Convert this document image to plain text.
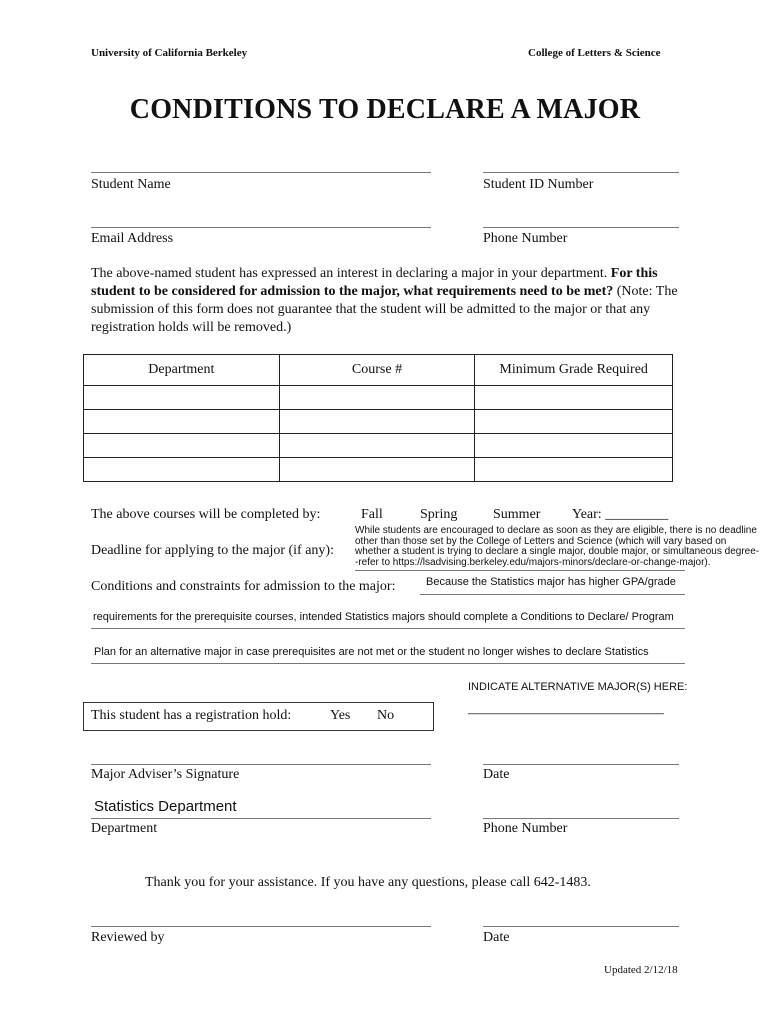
University of California Berkeley	College of Letters & Science
CONDITIONS TO DECLARE A MAJOR
Student Name	Student ID Number
Email Address	Phone Number
The above-named student has expressed an interest in declaring a major in your department. For this student to be considered for admission to the major, what requirements need to be met? (Note: The submission of this form does not guarantee that the student will be admitted to the major or that any registration holds will be removed.)
Department	Course #	Minimum Grade Required

The above courses will be completed by:	Fall	Spring	Summer Year: _________
Deadline for applying to the major (if any):
While students are encouraged to declare as soon as they are eligible, there is no deadline other than those set by the College of Letters and Science (which will vary based on whether a student is trying to declare a single major, double major, or simultaneous degree--refer to https://lsadvising.berkeley.edu/majors-minors/declare-or-change-major).
Conditions and constraints for admission to the major:	Because the Statistics major has higher GPA/grade
requirements for the prerequisite courses, intended Statistics majors should complete a Conditions to Declare/ Program
Plan for an alternative major in case prerequisites are not met or the student no longer wishes to declare Statistics
INDICATE ALTERNATIVE MAJOR(S) HERE:
________________________________
This student has a registration hold:	Yes No
Major Adviser’s Signature	Date
Statistics Department
Department	Phone Number
Thank you for your assistance. If you have any questions, please call 642-1483.
Reviewed by	Date
Updated 2/12/18
